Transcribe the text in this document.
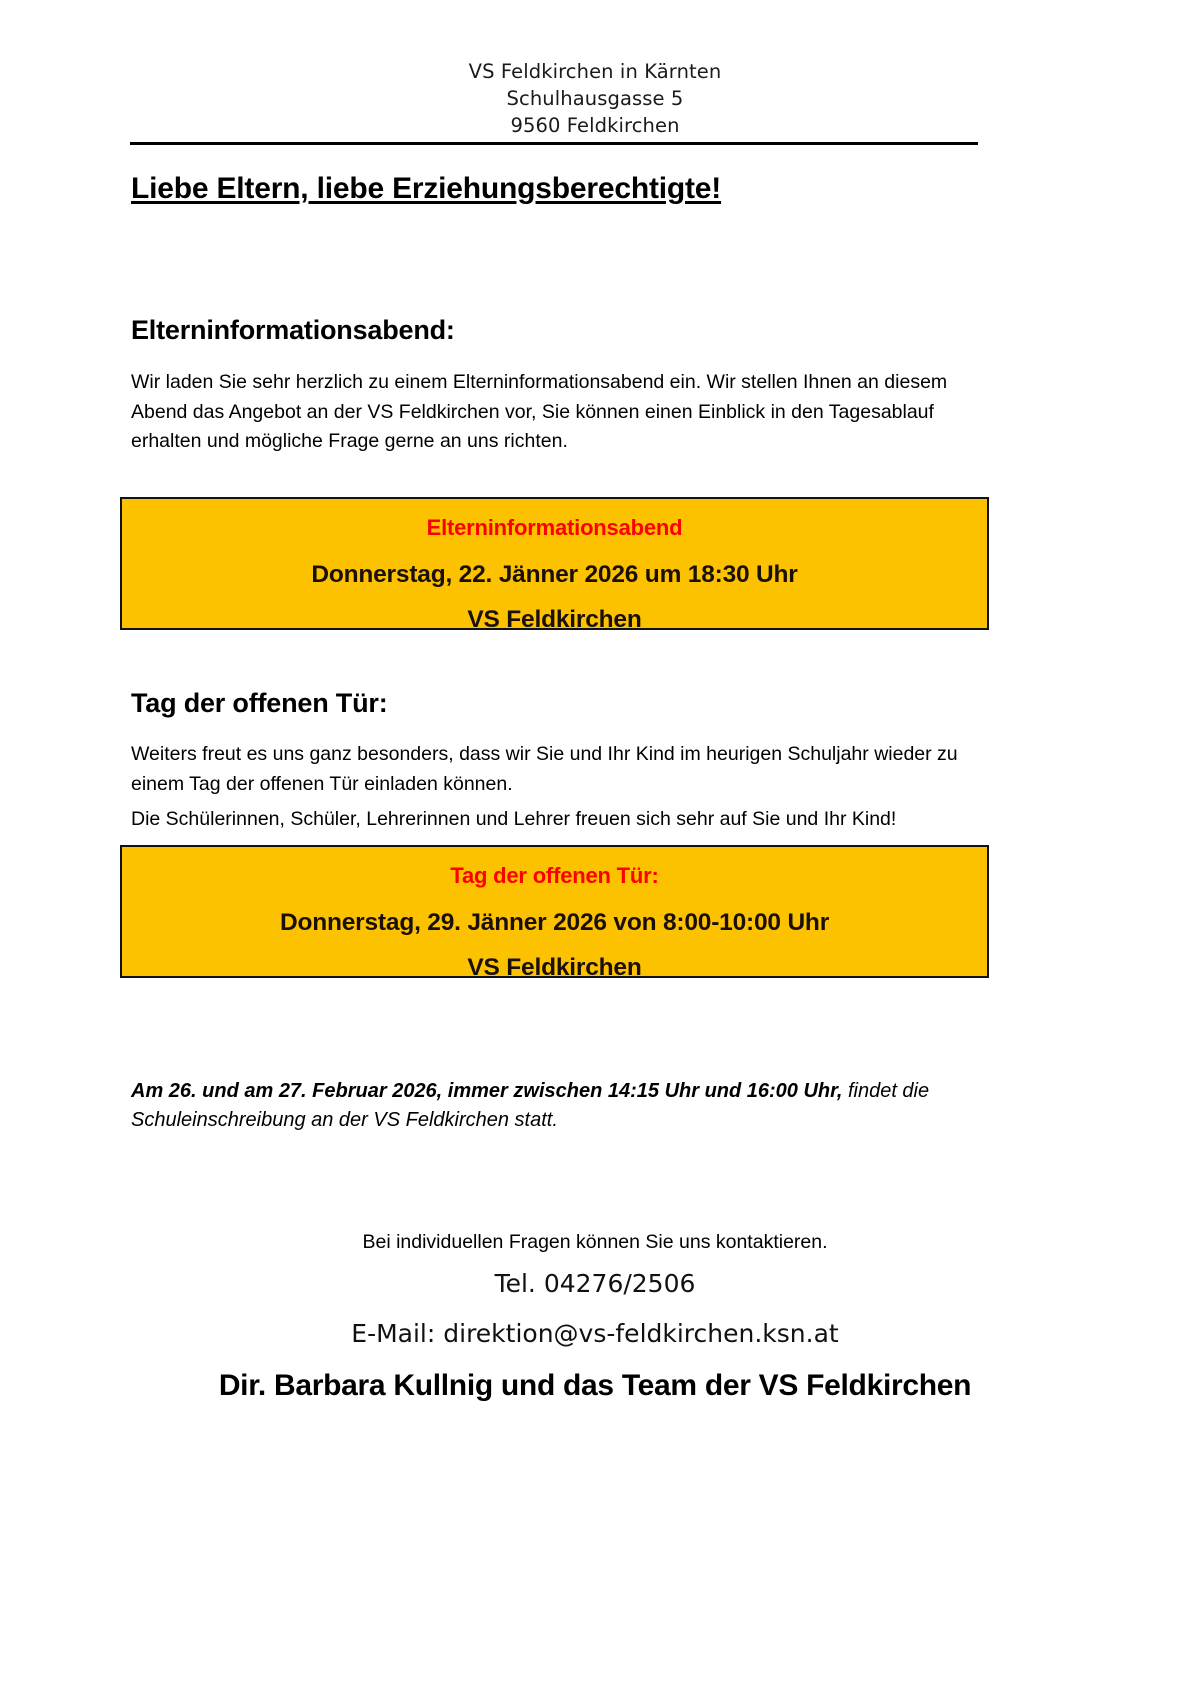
VS Feldkirchen in Kärnten
Schulhausgasse 5
9560 Feldkirchen
Liebe Eltern, liebe Erziehungsberechtigte!
Elterninformationsabend:
Wir laden Sie sehr herzlich zu einem Elterninformationsabend ein. Wir stellen Ihnen an diesem Abend das Angebot an der VS Feldkirchen vor, Sie können einen Einblick in den Tagesablauf erhalten und mögliche Frage gerne an uns richten.
Elterninformationsabend
Donnerstag, 22. Jänner 2026 um 18:30 Uhr
VS Feldkirchen
Tag der offenen Tür:
Weiters freut es uns ganz besonders, dass wir Sie und Ihr Kind im heurigen Schuljahr wieder zu einem Tag der offenen Tür einladen können.
Die Schülerinnen, Schüler, Lehrerinnen und Lehrer freuen sich sehr auf Sie und Ihr Kind!
Tag der offenen Tür:
Donnerstag, 29. Jänner 2026 von 8:00-10:00 Uhr
VS Feldkirchen
Am 26. und am 27. Februar 2026, immer zwischen 14:15 Uhr und 16:00 Uhr, findet die Schuleinschreibung an der VS Feldkirchen statt.
Bei individuellen Fragen können Sie uns kontaktieren.
Tel. 04276/2506
E-Mail: direktion@vs-feldkirchen.ksn.at
Dir. Barbara Kullnig und das Team der VS Feldkirchen
